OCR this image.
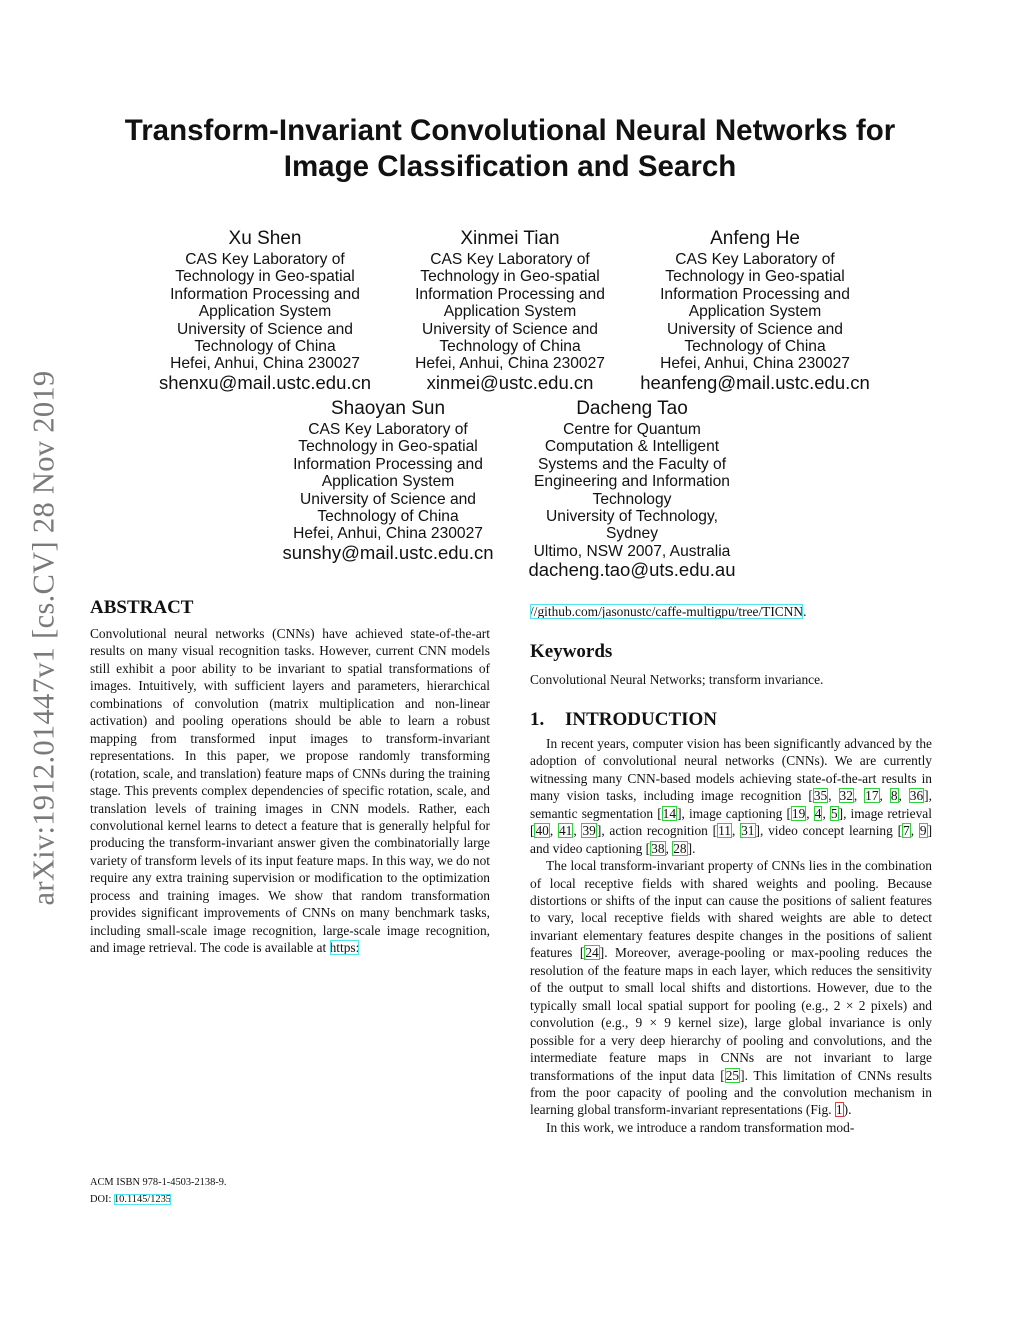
arXiv:1912.01447v1 [cs.CV] 28 Nov 2019
Transform-Invariant Convolutional Neural Networks for
Image Classification and Search
Xu Shen
CAS Key Laboratory of
Technology in Geo-spatial
Information Processing and
Application System
University of Science and
Technology of China
Hefei, Anhui, China 230027
shenxu@mail.ustc.edu.cn
Xinmei Tian
CAS Key Laboratory of
Technology in Geo-spatial
Information Processing and
Application System
University of Science and
Technology of China
Hefei, Anhui, China 230027
xinmei@ustc.edu.cn
Anfeng He
CAS Key Laboratory of
Technology in Geo-spatial
Information Processing and
Application System
University of Science and
Technology of China
Hefei, Anhui, China 230027
heanfeng@mail.ustc.edu.cn
Shaoyan Sun
CAS Key Laboratory of
Technology in Geo-spatial
Information Processing and
Application System
University of Science and
Technology of China
Hefei, Anhui, China 230027
sunshy@mail.ustc.edu.cn
Dacheng Tao
Centre for Quantum
Computation & Intelligent
Systems and the Faculty of
Engineering and Information
Technology
University of Technology,
Sydney
Ultimo, NSW 2007, Australia
dacheng.tao@uts.edu.au
ABSTRACT

Convolutional neural networks (CNNs) have achieved state-of-the-art results on many visual recognition tasks. However, current CNN models still exhibit a poor ability to be invariant to spatial transformations of images. Intuitively, with sufficient layers and parameters, hierarchical combinations of convolution (matrix multiplication and non-linear activation) and pooling operations should be able to learn a robust mapping from transformed input images to transform-invariant representations. In this paper, we propose randomly transforming (rotation, scale, and translation) feature maps of CNNs during the training stage. This prevents complex dependencies of specific rotation, scale, and translation levels of training images in CNN models. Rather, each convolutional kernel learns to detect a feature that is generally helpful for producing the transform-invariant answer given the combinatorially large variety of transform levels of its input feature maps. In this way, we do not require any extra training supervision or modification to the optimization process and training images. We show that random transformation provides significant improvements of CNNs on many benchmark tasks, including small-scale image recognition, large-scale image recognition, and image retrieval. The code is available at https:

ACM ISBN 978-1-4503-2138-9.
DOI: 10.1145/1235

//github.com/jasonustc/caffe-multigpu/tree/TICNN.

Keywords

Convolutional Neural Networks; transform invariance.

1. INTRODUCTION

In recent years, computer vision has been significantly advanced by the adoption of convolutional neural networks (CNNs). We are currently witnessing many CNN-based models achieving state-of-the-art results in many vision tasks, including image recognition [35, 32, 17, 8, 36], semantic segmentation [14], image captioning [19, 4, 5], image retrieval [40, 41, 39], action recognition [11, 31], video concept learning [7, 9] and video captioning [38, 28].

The local transform-invariant property of CNNs lies in the combination of local receptive fields with shared weights and pooling. Because distortions or shifts of the input can cause the positions of salient features to vary, local receptive fields with shared weights are able to detect invariant elementary features despite changes in the positions of salient features [24]. Moreover, average-pooling or max-pooling reduces the resolution of the feature maps in each layer, which reduces the sensitivity of the output to small local shifts and distortions. However, due to the typically small local spatial support for pooling (e.g., 2 × 2 pixels) and convolution (e.g., 9 × 9 kernel size), large global invariance is only possible for a very deep hierarchy of pooling and convolutions, and the intermediate feature maps in CNNs are not invariant to large transformations of the input data [25]. This limitation of CNNs results from the poor capacity of pooling and the convolution mechanism in learning global transform-invariant representations (Fig. 1).

In this work, we introduce a random transformation mod-
